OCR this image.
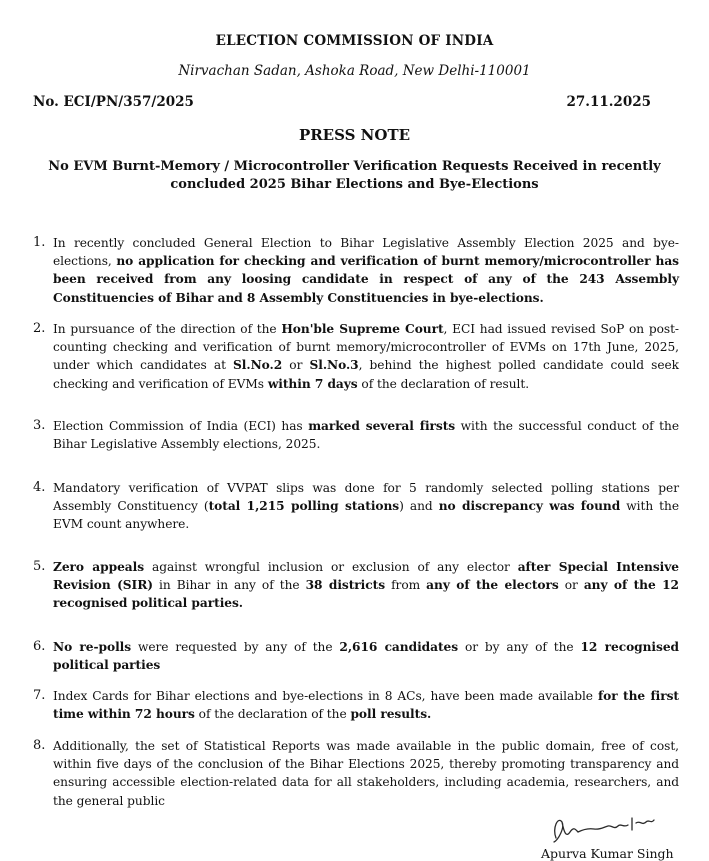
ELECTION COMMISSION OF INDIA
Nirvachan Sadan, Ashoka Road, New Delhi-110001
No. ECI/PN/357/2025	27.11.2025
PRESS NOTE
No EVM Burnt-Memory / Microcontroller Verification Requests Received in recently concluded 2025 Bihar Elections and Bye-Elections
1. In recently concluded General Election to Bihar Legislative Assembly Election 2025 and bye-elections, no application for checking and verification of burnt memory/microcontroller has been received from any loosing candidate in respect of any of the 243 Assembly Constituencies of Bihar and 8 Assembly Constituencies in bye-elections.
2. In pursuance of the direction of the Hon'ble Supreme Court, ECI had issued revised SoP on post-counting checking and verification of burnt memory/microcontroller of EVMs on 17th June, 2025, under which candidates at Sl.No.2 or Sl.No.3, behind the highest polled candidate could seek checking and verification of EVMs within 7 days of the declaration of result.
3. Election Commission of India (ECI) has marked several firsts with the successful conduct of the Bihar Legislative Assembly elections, 2025.
4. Mandatory verification of VVPAT slips was done for 5 randomly selected polling stations per Assembly Constituency (total 1,215 polling stations) and no discrepancy was found with the EVM count anywhere.
5. Zero appeals against wrongful inclusion or exclusion of any elector after Special Intensive Revision (SIR) in Bihar in any of the 38 districts from any of the electors or any of the 12 recognised political parties.
6. No re-polls were requested by any of the 2,616 candidates or by any of the 12 recognised political parties
7. Index Cards for Bihar elections and bye-elections in 8 ACs, have been made available for the first time within 72 hours of the declaration of the poll results.
8. Additionally, the set of Statistical Reports was made available in the public domain, free of cost, within five days of the conclusion of the Bihar Elections 2025, thereby promoting transparency and ensuring accessible election-related data for all stakeholders, including academia, researchers, and the general public
Apurva Kumar Singh
